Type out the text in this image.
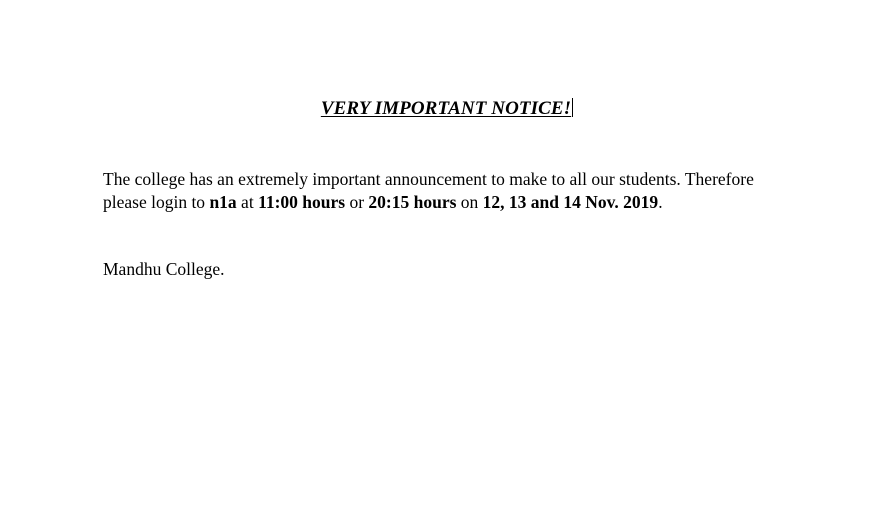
VERY IMPORTANT NOTICE!
The college has an extremely important announcement to make to all our students. Therefore please login to n1a at 11:00 hours or 20:15 hours on 12, 13 and 14 Nov. 2019.
Mandhu College.
